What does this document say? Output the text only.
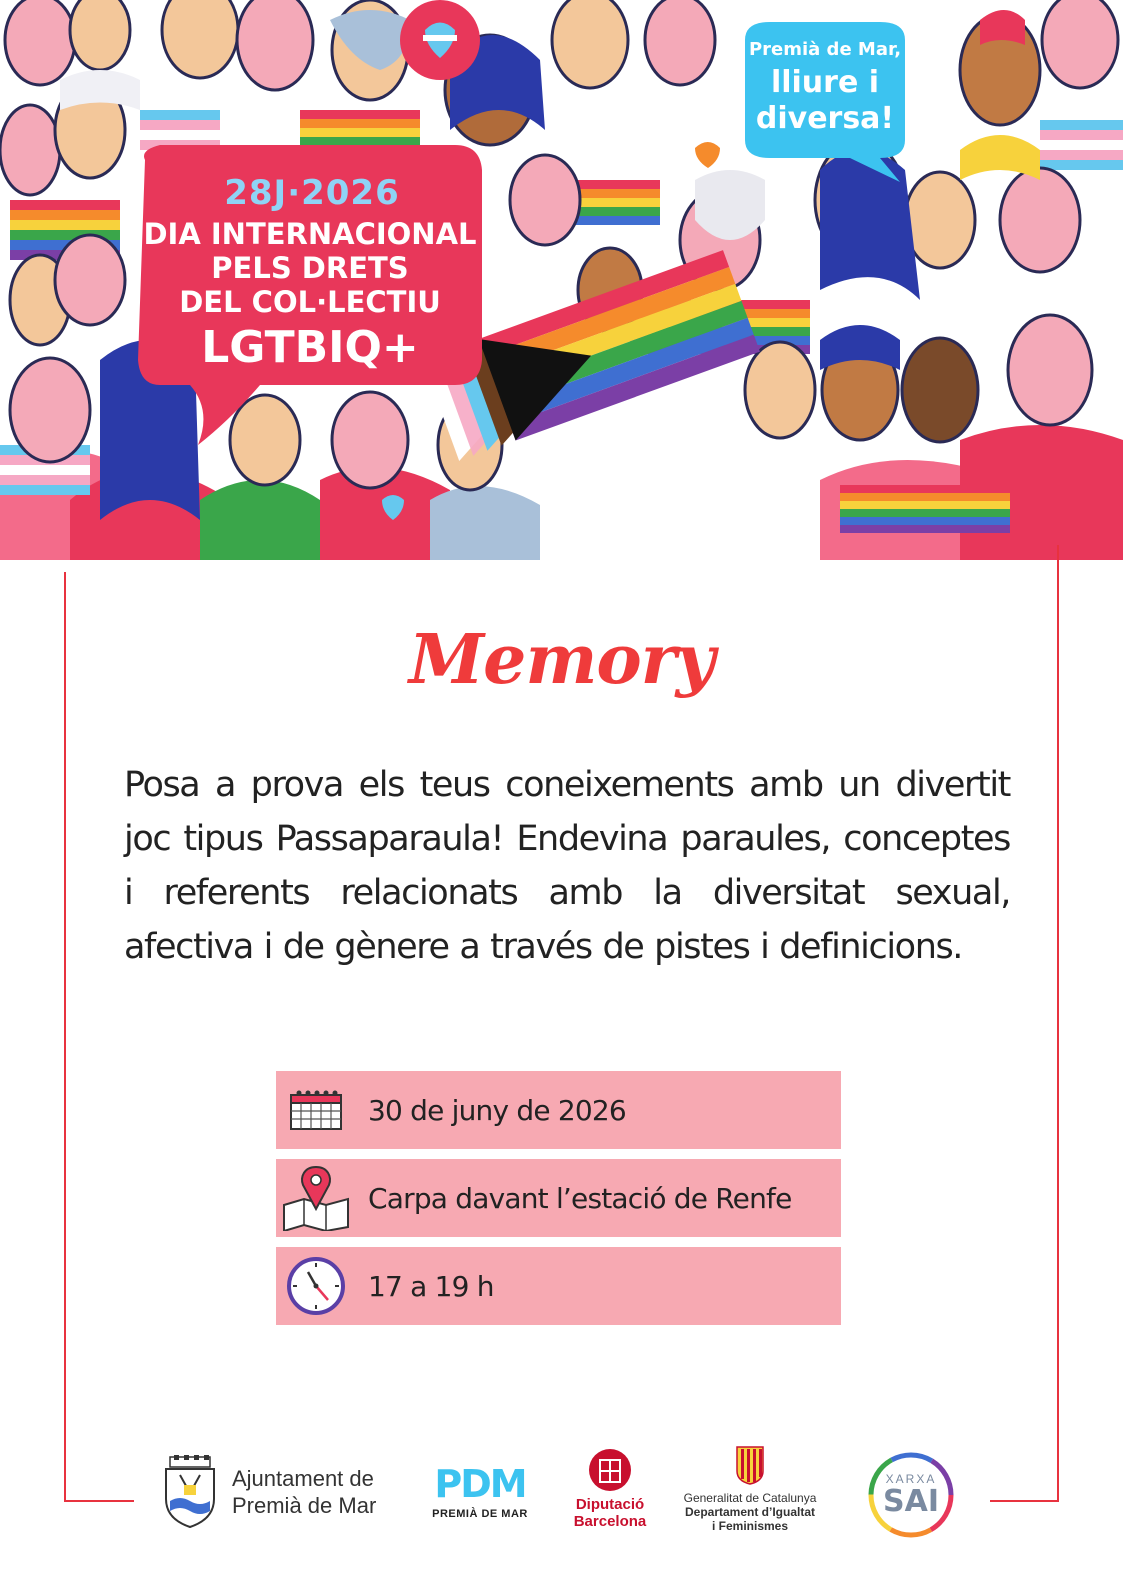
28J·2026
DIA INTERNACIONAL
PELS DRETS
DEL COL·LECTIU
LGTBIQ+
Premià de Mar,
lliure i
diversa!
Memory
Posa a prova els teus coneixements amb un divertit joc tipus Passaparaula! Endevina paraules, conceptes i referents relacionats amb la diversitat sexual, afectiva i de gènere a través de pistes i definicions.
30 de juny de 2026
Carpa davant l’estació de Renfe
17 a 19 h
Ajuntament de
Premià de Mar PDM
PREMIÀ DE MAR
Diputació
Barcelona
Generalitat de Catalunya
Departament d’Igualtat
i Feminismes
XARXA
SAI
